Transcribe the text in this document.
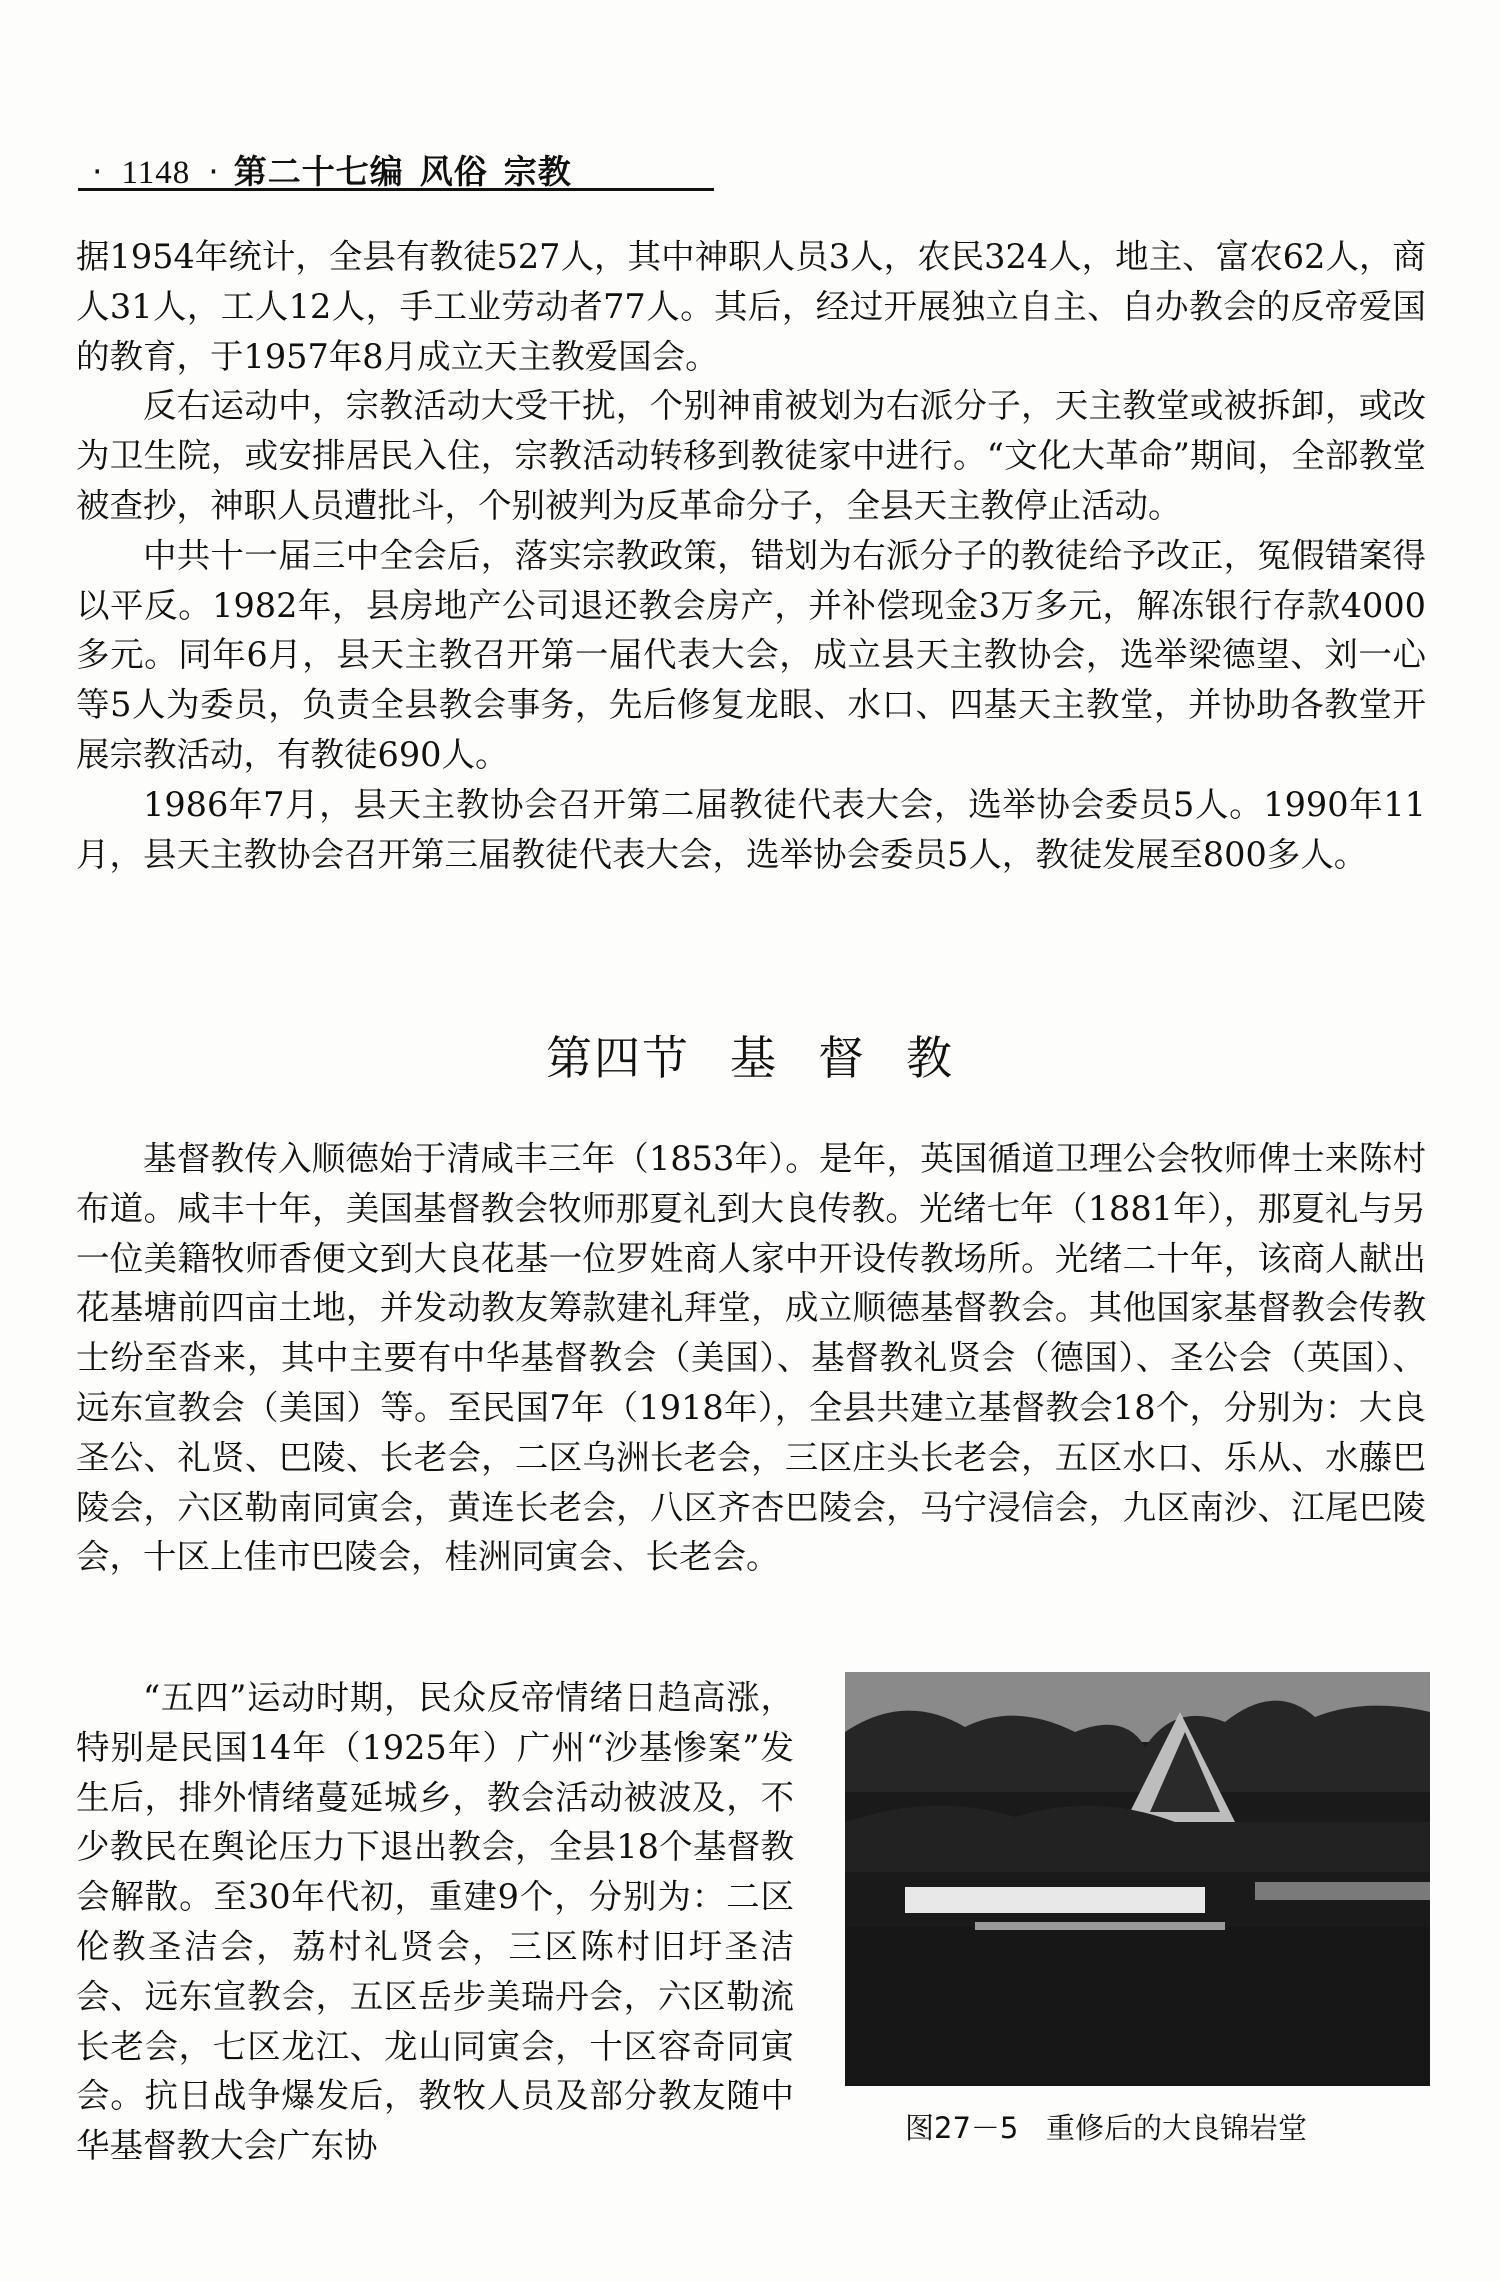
· 1148 · 第二十七编 风俗 宗教

据1954年统计，全县有教徒527人，其中神职人员3人，农民324人，地主、富农62人，商人31人，工人12人，手工业劳动者77人。其后，经过开展独立自主、自办教会的反帝爱国的教育，于1957年8月成立天主教爱国会。

反右运动中，宗教活动大受干扰，个别神甫被划为右派分子，天主教堂或被拆卸，或改为卫生院，或安排居民入住，宗教活动转移到教徒家中进行。“文化大革命”期间，全部教堂被查抄，神职人员遭批斗，个别被判为反革命分子，全县天主教停止活动。

中共十一届三中全会后，落实宗教政策，错划为右派分子的教徒给予改正，冤假错案得以平反。1982年，县房地产公司退还教会房产，并补偿现金3万多元，解冻银行存款4000多元。同年6月，县天主教召开第一届代表大会，成立县天主教协会，选举梁德望、刘一心等5人为委员，负责全县教会事务，先后修复龙眼、水口、四基天主教堂，并协助各教堂开展宗教活动，有教徒690人。

1986年7月，县天主教协会召开第二届教徒代表大会，选举协会委员5人。1990年11月，县天主教协会召开第三届教徒代表大会，选举协会委员5人，教徒发展至800多人。

第四节 基 督 教

基督教传入顺德始于清咸丰三年（1853年）。是年，英国循道卫理公会牧师俾士来陈村布道。咸丰十年，美国基督教会牧师那夏礼到大良传教。光绪七年（1881年），那夏礼与另一位美籍牧师香便文到大良花基一位罗姓商人家中开设传教场所。光绪二十年，该商人献出花基塘前四亩土地，并发动教友筹款建礼拜堂，成立顺德基督教会。其他国家基督教会传教士纷至沓来，其中主要有中华基督教会（美国）、基督教礼贤会（德国）、圣公会（英国）、远东宣教会（美国）等。至民国7年（1918年），全县共建立基督教会18个，分别为：大良圣公、礼贤、巴陵、长老会，二区乌洲长老会，三区庄头长老会，五区水口、乐从、水藤巴陵会，六区勒南同寅会，黄连长老会，八区齐杏巴陵会，马宁浸信会，九区南沙、江尾巴陵会，十区上佳市巴陵会，桂洲同寅会、长老会。

“五四”运动时期，民众反帝情绪日趋高涨，特别是民国14年（1925年）广州“沙基惨案”发生后，排外情绪蔓延城乡，教会活动被波及，不少教民在舆论压力下退出教会，全县18个基督教会解散。至30年代初，重建9个，分别为：二区伦教圣洁会，荔村礼贤会，三区陈村旧圩圣洁会、远东宣教会，五区岳步美瑞丹会，六区勒流长老会，七区龙江、龙山同寅会，十区容奇同寅会。抗日战争爆发后，教牧人员及部分教友随中华基督教大会广东协	图27－5 重修后的大良锦岩堂
